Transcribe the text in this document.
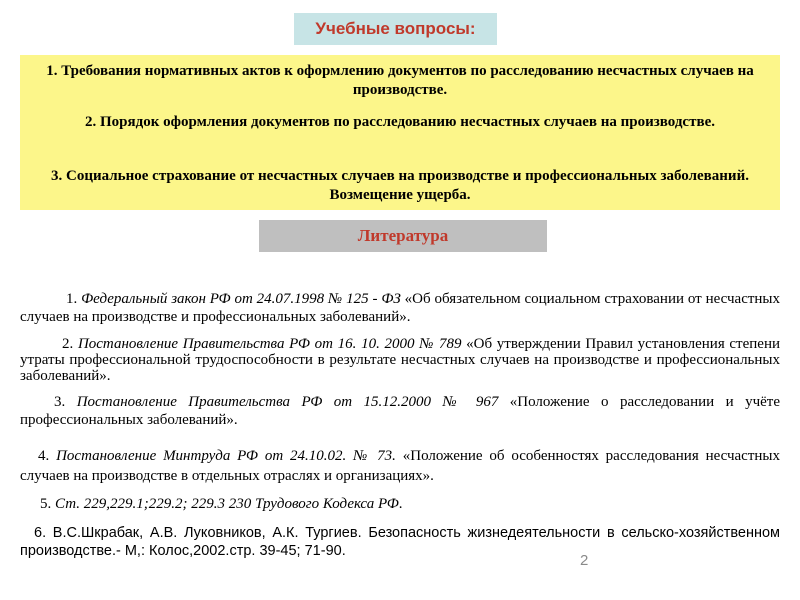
Учебные вопросы:
1. Требования нормативных актов к оформлению документов по расследованию несчастных случаев на производстве.
2. Порядок оформления документов по расследованию несчастных случаев на производстве.
3. Социальное страхование от несчастных случаев на производстве и профессиональных заболеваний. Возмещение ущерба.
Литература
1. Федеральный закон РФ от 24.07.1998 № 125 - ФЗ «Об обязательном социальном страховании от несчастных случаев на производстве и профессиональных заболеваний».
2. Постановление Правительства РФ от 16. 10. 2000 № 789 «Об утверждении Правил установления степени утраты профессиональной трудоспособности в результате несчастных случаев на производстве и профессиональных заболеваний».
3. Постановление Правительства РФ от 15.12.2000 № 967 «Положение о расследовании и учёте профессиональных заболеваний».
4. Постановление Минтруда РФ от 24.10.02. № 73. «Положение об особенностях расследования несчастных случаев на производстве в отдельных отраслях и организациях».
5. Ст. 229,229.1;229.2; 229.3 230 Трудового Кодекса РФ.
6. В.С.Шкрабак, А.В. Луковников, А.К. Тургиев. Безопасность жизнедеятельности в сельско-хозяйственном производстве.- М,: Колос,2002.стр. 39-45; 71-90.
2
